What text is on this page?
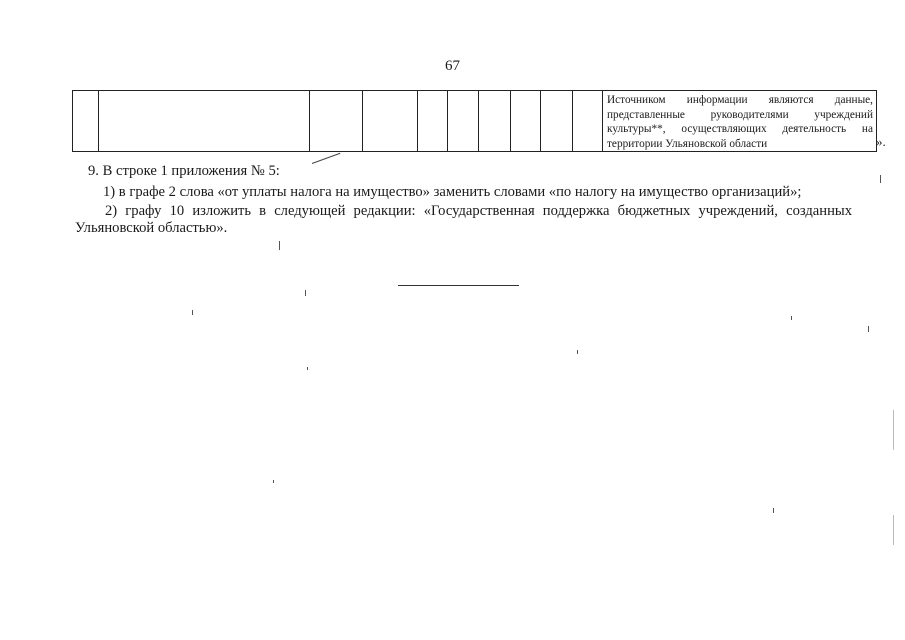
67
										Источником информации являются данные, представленные руководителями учреждений культуры**, осуществляющих деятельность на территории Ульяновской области	».
9. В строке 1 приложения № 5:
1) в графе 2 слова «от уплаты налога на имущество» заменить словами «по налогу на имущество организаций»;
2) графу 10 изложить в следующей редакции: «Государственная поддержка бюджетных учреждений, созданных Ульяновской областью».
